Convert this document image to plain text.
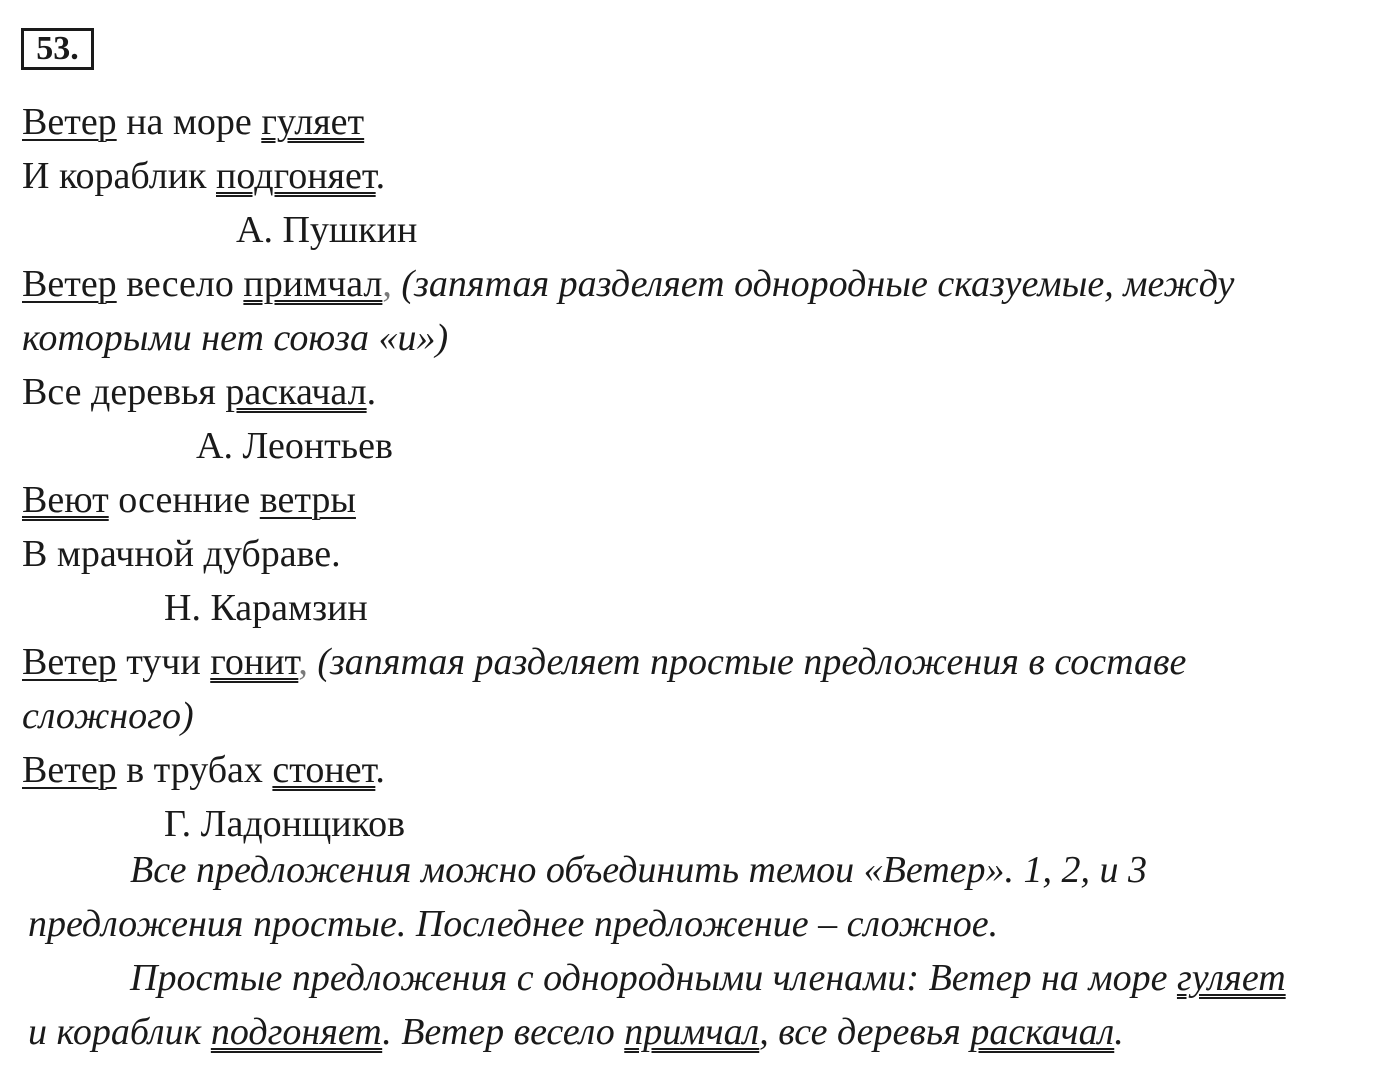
53.
Ветер на море гуляет
И кораблик подгоняет.
А. Пушкин
Ветер весело примчал, (запятая разделяет однородные сказуемые, между
которыми нет союза «и»)
Все деревья раскачал.
А. Леонтьев
Веют осенние ветры
В мрачной дубраве.
Н. Карамзин
Ветер тучи гонит, (запятая разделяет простые предложения в составе
сложного)
Ветер в трубах стонет.
Г. Ладонщиков
Все предложения можно объединить темои «Ветер». 1, 2, и 3
предложения простые. Последнее предложение – сложное.
Простые предложения с однородными членами: Ветер на море гуляет
и кораблик подгоняет. Ветер весело примчал, все деревья раскачал.
